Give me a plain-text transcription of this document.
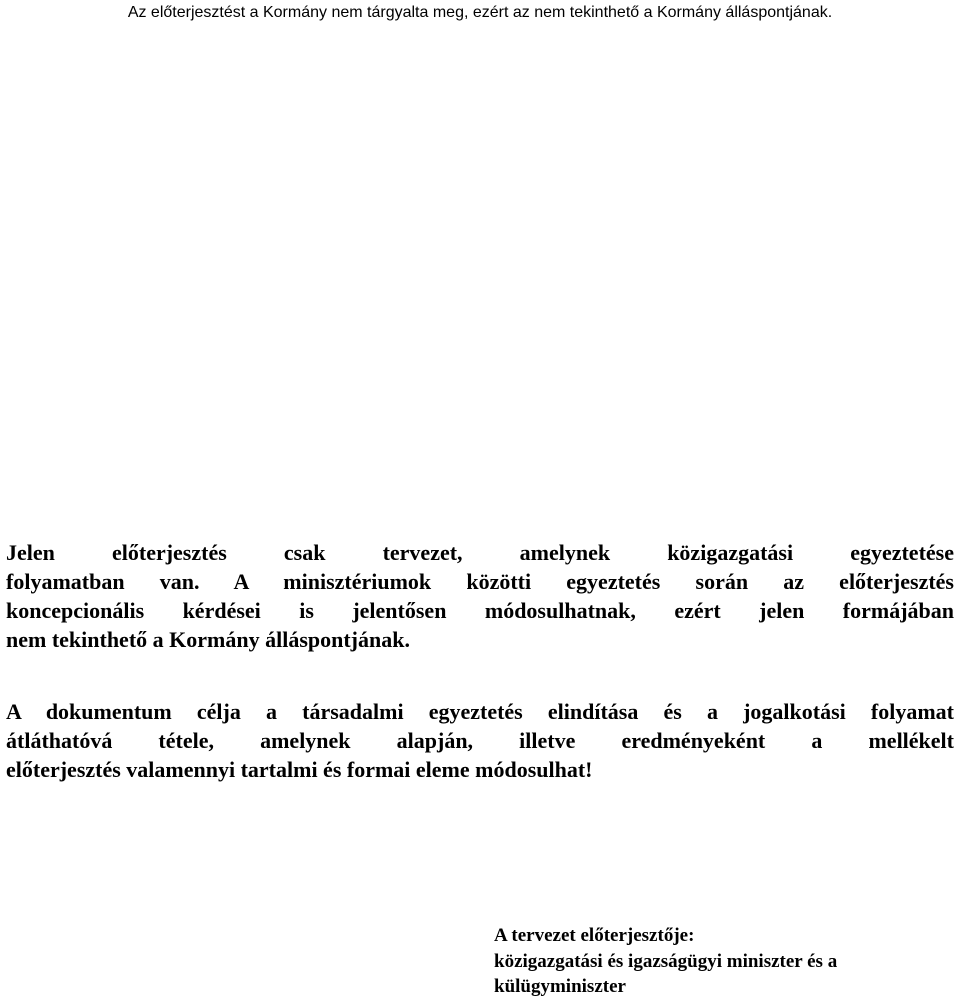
Az előterjesztést a Kormány nem tárgyalta meg, ezért az nem tekinthető a Kormány álláspontjának.
Jelen előterjesztés csak tervezet, amelynek közigazgatási egyeztetése
folyamatban van. A minisztériumok közötti egyeztetés során az előterjesztés
koncepcionális kérdései is jelentősen módosulhatnak, ezért jelen formájában
nem tekinthető a Kormány álláspontjának.
A dokumentum célja a társadalmi egyeztetés elindítása és a jogalkotási folyamat
átláthatóvá tétele, amelynek alapján, illetve eredményeként a mellékelt
előterjesztés valamennyi tartalmi és formai eleme módosulhat!
A tervezet előterjesztője:
közigazgatási és igazságügyi miniszter és a
külügyminiszter
